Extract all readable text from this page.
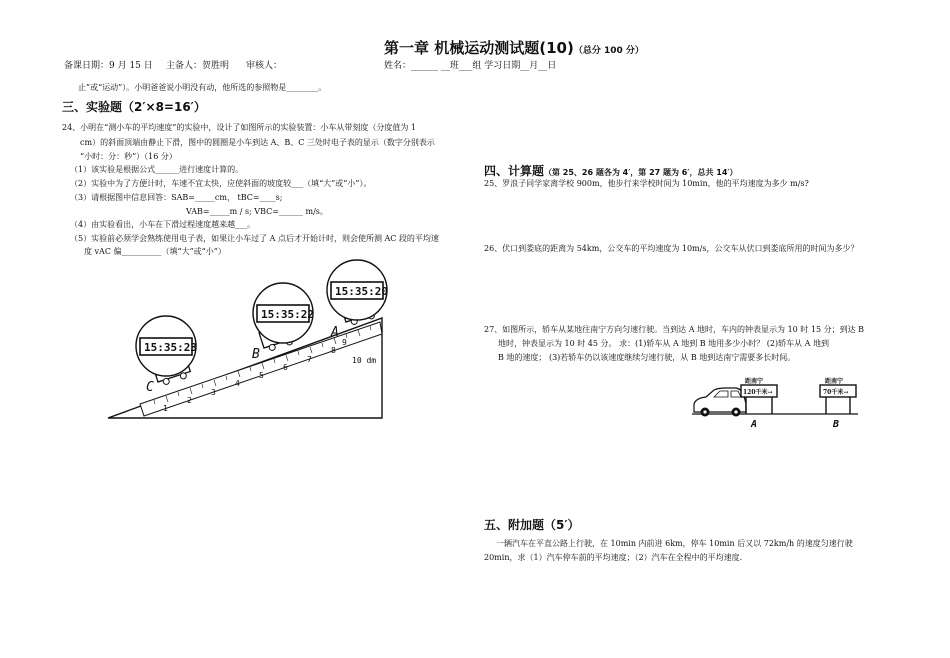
第一章 机械运动测试题(10)（总分 100 分）
备课日期：9 月 15 日 主备人：贺胜明 审核人：	姓名：______ __班___组 学习日期__月__日
止”或“运动”）。小明爸爸说小明没有动，他所选的参照物是________。
三、实验题（2′×8=16′）
24、小明在“测小车的平均速度”的实验中，设计了如图所示的实验装置：小车从带刻度（分度值为 1
cm）的斜面顶端由静止下滑，图中的圆圈是小车到达 A、B、C 三处时电子表的显示（数字分别表示
“小时：分：秒”）（16 分）
（1）该实验是根据公式______进行速度计算的。
（2）实验中为了方便计时，车速不宜太快，应使斜面的坡度较___（填“大”或“小”）。
（3）请根据图中信息回答：SAB=_____cm， tBC=____s;
VAB=_____m / s; VBC=______ m/s。
（4）由实验看出，小车在下滑过程速度越来越___。
（5）实验前必须学会熟练使用电子表，如果让小车过了 A 点后才开始计时，则会使所测 AC 段的平均速
度 vAC 偏__________（填“大”或“小”）
1
2
3
4
5
6
7
8
9
10 dm
C
B
A
15:35:23
15:35:22
15:35:20
A	B
距南宁
120千米→
距南宁
70千米→
四、计算题（第 25、26 题各为 4′，第 27 题为 6′，总共 14′）
25、罗浪子同学家离学校 900m，他步行来学校时间为 10min，他的平均速度为多少 m/s?
26、伏口到娄底的距离为 54km，公交车的平均速度为 10m/s，公交车从伏口到娄底所用的时间为多少？
27、如图所示，轿车从某地往南宁方向匀速行驶。当到达 A 地时，车内的钟表显示为 10 时 15 分；到达 B
地时，钟表显示为 10 时 45 分。 求：(1)轿车从 A 地到 B 地用多少小时？ (2)轿车从 A 地到
B 地的速度； (3)若轿车仍以该速度继续匀速行驶，从 B 地到达南宁需要多长时间。
五、附加题（5′）
一辆汽车在平直公路上行驶，在 10min 内前进 6km，停车 10min 后又以 72km/h 的速度匀速行驶
20min，求（1）汽车停车前的平均速度；（2）汽车在全程中的平均速度.
